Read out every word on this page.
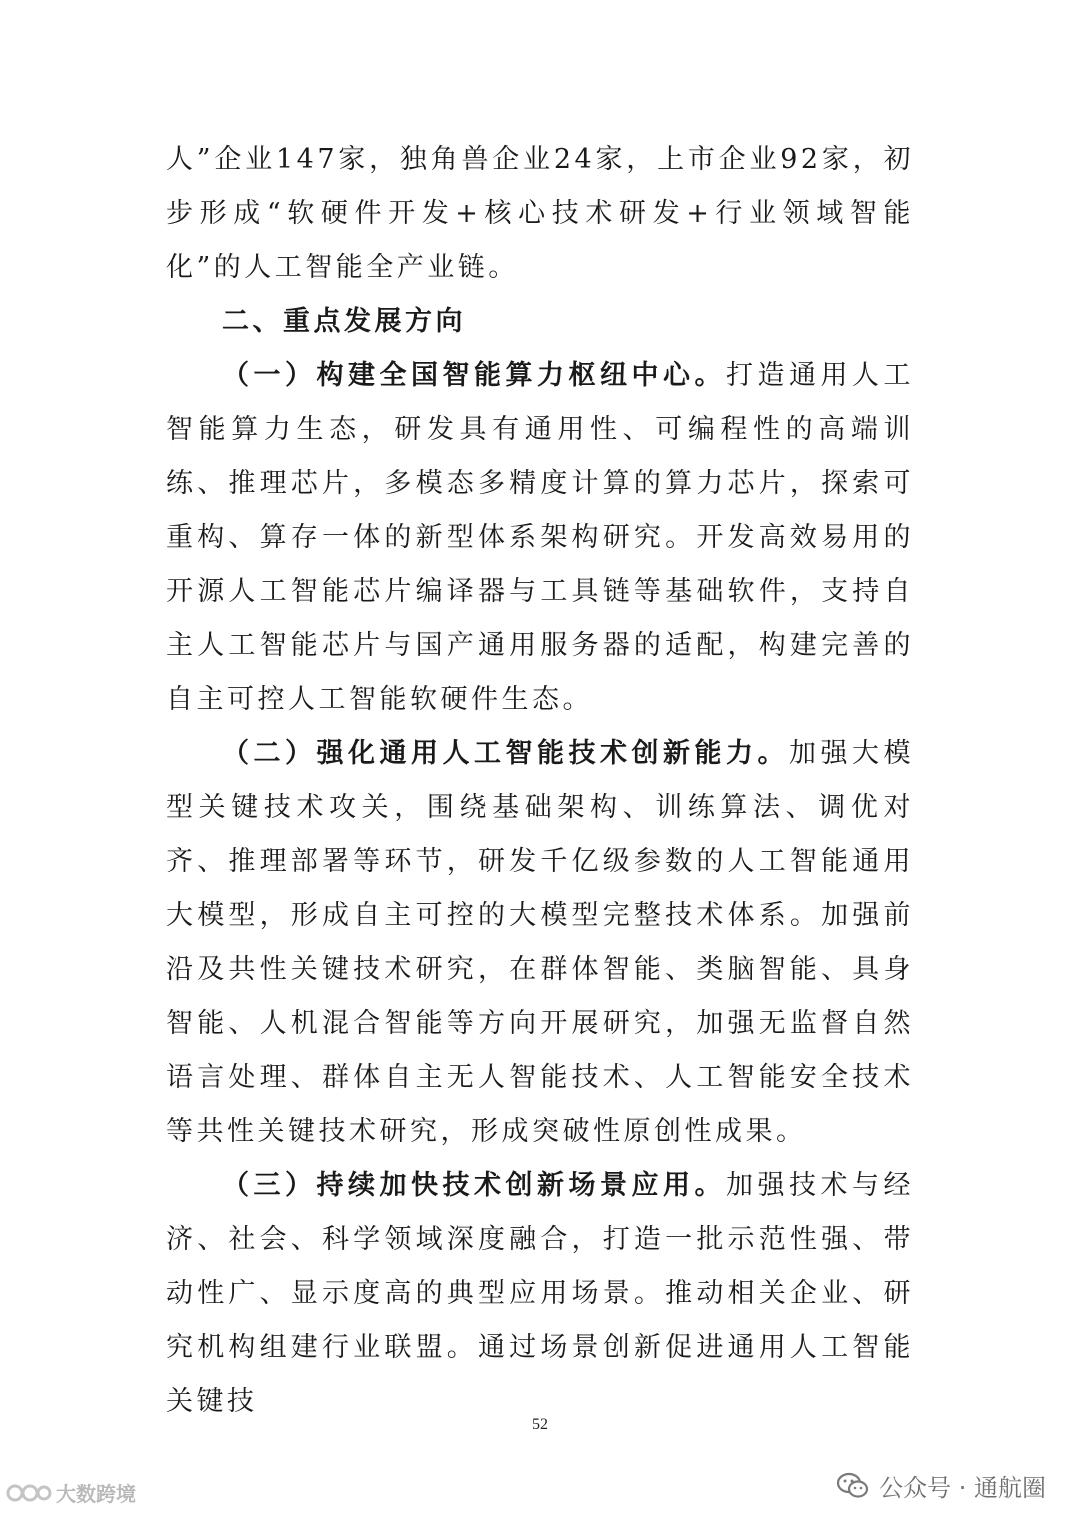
人”企业147家，独角兽企业24家，上市企业92家，初步形成“软硬件开发+核心技术研发+行业领域智能化”的人工智能全产业链。

二、重点发展方向

（一）构建全国智能算力枢纽中心。打造通用人工智能算力生态，研发具有通用性、可编程性的高端训练、推理芯片，多模态多精度计算的算力芯片，探索可重构、算存一体的新型体系架构研究。开发高效易用的开源人工智能芯片编译器与工具链等基础软件，支持自主人工智能芯片与国产通用服务器的适配，构建完善的自主可控人工智能软硬件生态。

（二）强化通用人工智能技术创新能力。加强大模型关键技术攻关，围绕基础架构、训练算法、调优对齐、推理部署等环节，研发千亿级参数的人工智能通用大模型，形成自主可控的大模型完整技术体系。加强前沿及共性关键技术研究，在群体智能、类脑智能、具身智能、人机混合智能等方向开展研究，加强无监督自然语言处理、群体自主无人智能技术、人工智能安全技术等共性关键技术研究，形成突破性原创性成果。

（三）持续加快技术创新场景应用。加强技术与经济、社会、科学领域深度融合，打造一批示范性强、带动性广、显示度高的典型应用场景。推动相关企业、研究机构组建行业联盟。通过场景创新促进通用人工智能关键技

52
大数跨境	公众号 · 通航圈
